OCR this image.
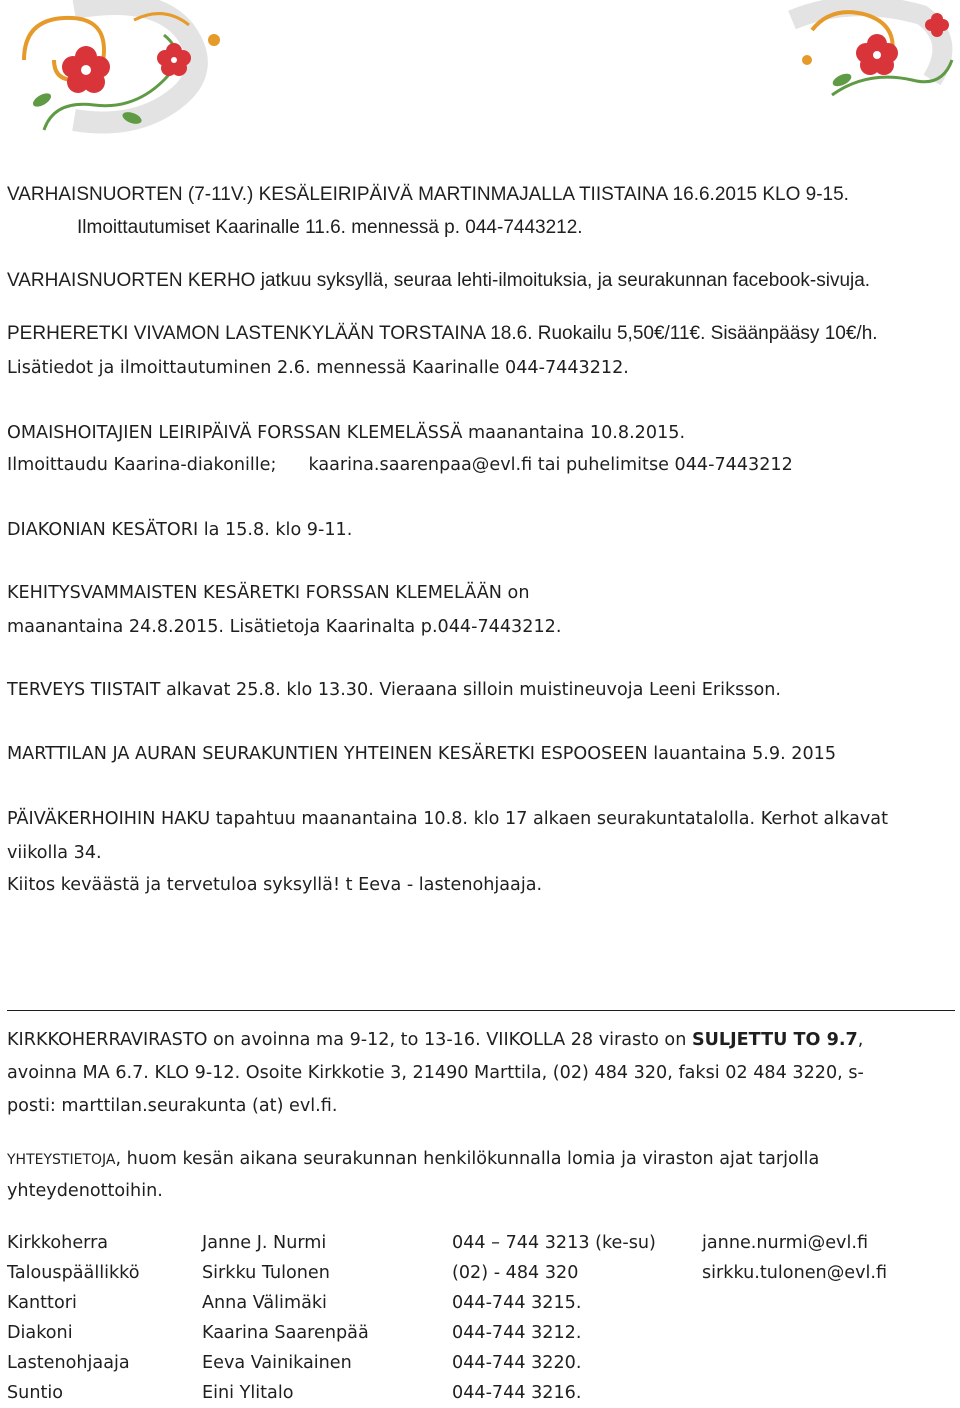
VARHAISNUORTEN (7-11V.) KESÄLEIRIPÄIVÄ MARTINMAJALLA TIISTAINA 16.6.2015 KLO 9-15.
Ilmoittautumiset Kaarinalle 11.6. mennessä p. 044-7443212.
VARHAISNUORTEN KERHO jatkuu syksyllä, seuraa lehti-ilmoituksia, ja seurakunnan facebook-sivuja.
PERHERETKI VIVAMON LASTENKYLÄÄN TORSTAINA 18.6. Ruokailu 5,50€/11€. Sisäänpääsy 10€/h.
Lisätiedot ja ilmoittautuminen 2.6. mennessä Kaarinalle 044-7443212.
OMAISHOITAJIEN LEIRIPÄIVÄ FORSSAN KLEMELÄSSÄ maanantaina 10.8.2015.
Ilmoittaudu Kaarina-diakonille; kaarina.saarenpaa@evl.fi tai puhelimitse 044-7443212
DIAKONIAN KESÄTORI la 15.8. klo 9-11.
KEHITYSVAMMAISTEN KESÄRETKI FORSSAN KLEMELÄÄN on
maanantaina 24.8.2015. Lisätietoja Kaarinalta p.044-7443212.
TERVEYS TIISTAIT alkavat 25.8. klo 13.30. Vieraana silloin muistineuvoja Leeni Eriksson.
MARTTILAN JA AURAN SEURAKUNTIEN YHTEINEN KESÄRETKI ESPOOSEEN lauantaina 5.9. 2015
PÄIVÄKERHOIHIN HAKU tapahtuu maanantaina 10.8. klo 17 alkaen seurakuntatalolla. Kerhot alkavat
viikolla 34.
Kiitos keväästä ja tervetuloa syksyllä! t Eeva - lastenohjaaja.
KIRKKOHERRAVIRASTO on avoinna ma 9-12, to 13-16. VIIKOLLA 28 virasto on SULJETTU TO 9.7,
avoinna MA 6.7. KLO 9-12. Osoite Kirkkotie 3, 21490 Marttila, (02) 484 320, faksi 02 484 3220, s-
posti: marttilan.seurakunta (at) evl.fi.
YHTEYSTIETOJA, huom kesän aikana seurakunnan henkilökunnalla lomia ja viraston ajat tarjolla
yhteydenottoihin.
Kirkkoherra	Janne J. Nurmi	044 – 744 3213 (ke-su)	janne.nurmi@evl.fi
Talouspäällikkö	Sirkku Tulonen	(02) - 484 320	sirkku.tulonen@evl.fi
Kanttori	Anna Välimäki	044-744 3215.	
Diakoni	Kaarina Saarenpää	044-744 3212.	
Lastenohjaaja	Eeva Vainikainen	044-744 3220.	
Suntio	Eini Ylitalo	044-744 3216.	
